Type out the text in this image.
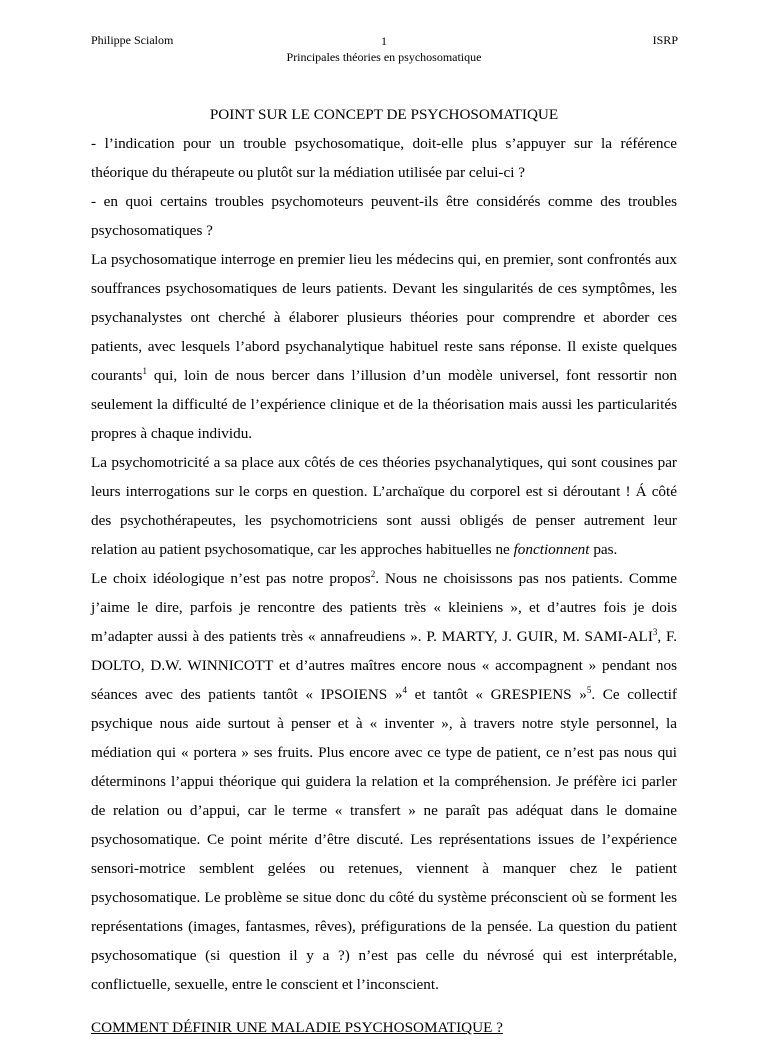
Philippe Scialom	1
Principales théories en psychosomatique
ISRP
POINT SUR LE CONCEPT DE PSYCHOSOMATIQUE

- l’indication pour un trouble psychosomatique, doit-elle plus s’appuyer sur la référence théorique du thérapeute ou plutôt sur la médiation utilisée par celui-ci ?

- en quoi certains troubles psychomoteurs peuvent-ils être considérés comme des troubles psychosomatiques ?

La psychosomatique interroge en premier lieu les médecins qui, en premier, sont confrontés aux souffrances psychosomatiques de leurs patients. Devant les singularités de ces symptômes, les psychanalystes ont cherché à élaborer plusieurs théories pour comprendre et aborder ces patients, avec lesquels l’abord psychanalytique habituel reste sans réponse. Il existe quelques courants$^1$ qui, loin de nous bercer dans l’illusion d’un modèle universel, font ressortir non seulement la difficulté de l’expérience clinique et de la théorisation mais aussi les particularités propres à chaque individu.

La psychomotricité a sa place aux côtés de ces théories psychanalytiques, qui sont cousines par leurs interrogations sur le corps en question. L’archaïque du corporel est si déroutant ! Á côté des psychothérapeutes, les psychomotriciens sont aussi obligés de penser autrement leur relation au patient psychosomatique, car les approches habituelles ne fonctionnent pas.

Le choix idéologique n’est pas notre propos$^2$. Nous ne choisissons pas nos patients. Comme j’aime le dire, parfois je rencontre des patients très « kleiniens », et d’autres fois je dois m’adapter aussi à des patients très « annafreudiens ». P. MARTY, J. GUIR, M. SAMI-ALI$^3$, F. DOLTO, D.W. WINNICOTT et d’autres maîtres encore nous « accompagnent » pendant nos séances avec des patients tantôt « IPSOIENS »$^4$ et tantôt « GRESPIENS »$^5$. Ce collectif psychique nous aide surtout à penser et à « inventer », à travers notre style personnel, la médiation qui « portera » ses fruits. Plus encore avec ce type de patient, ce n’est pas nous qui déterminons l’appui théorique qui guidera la relation et la compréhension. Je préfère ici parler de relation ou d’appui, car le terme « transfert » ne paraît pas adéquat dans le domaine psychosomatique. Ce point mérite d’être discuté. Les représentations issues de l’expérience sensori-motrice semblent gelées ou retenues, viennent à manquer chez le patient psychosomatique. Le problème se situe donc du côté du système préconscient où se forment les représentations (images, fantasmes, rêves), préfigurations de la pensée. La question du patient psychosomatique (si question il y a ?) n’est pas celle du névrosé qui est interprétable, conflictuelle, sexuelle, entre le conscient et l’inconscient.

COMMENT DÉFINIR UNE MALADIE PSYCHOSOMATIQUE ?
